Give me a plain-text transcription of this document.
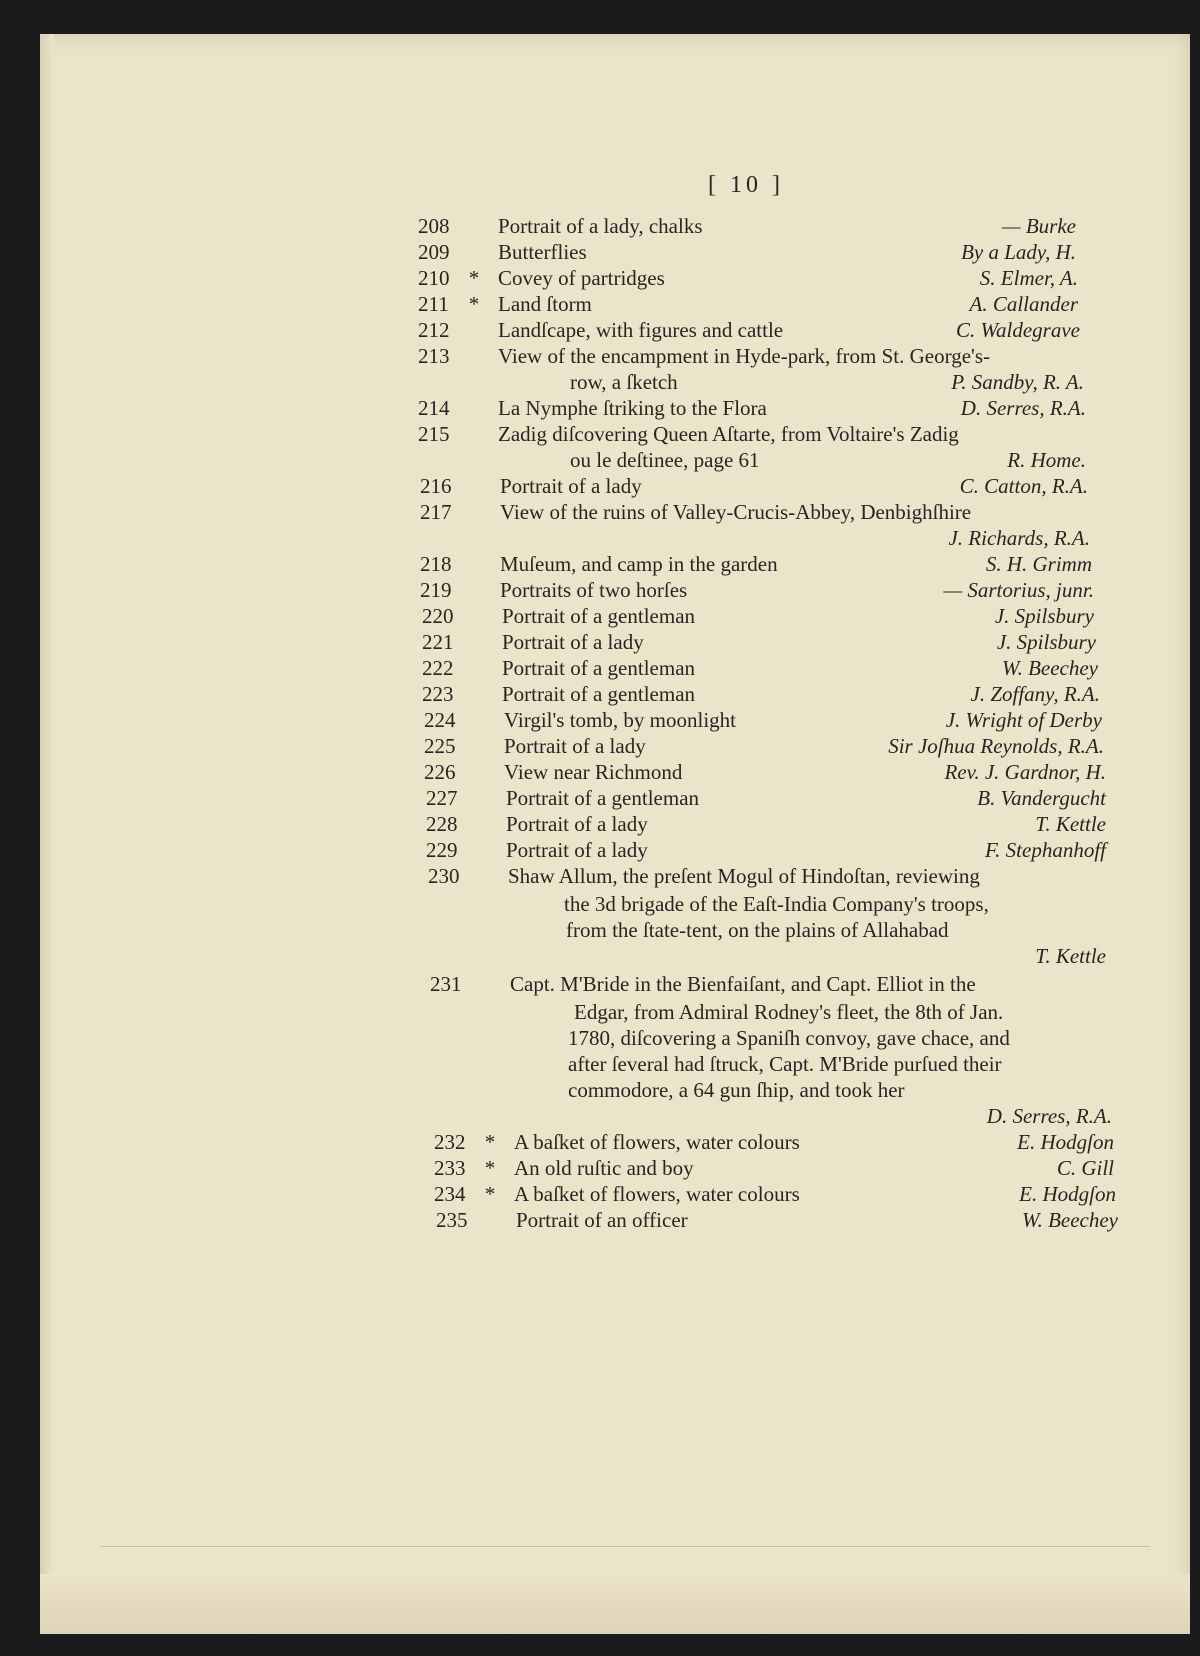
[ 10 ]
208	Portrait of a lady, chalks	— Burke
209	Butterflies	By a Lady, H.
210 * Covey of partridges	S. Elmer, A.
211 * Land ſtorm	A. Callander
212	Landſcape, with figures and cattle	C. Waldegrave
213	View of the encampment in Hyde-park, from St. George's-
row, a ſketch	P. Sandby, R. A.
214	La Nymphe ſtriking to the Flora	D. Serres, R.A.
215	Zadig diſcovering Queen Aſtarte, from Voltaire's Zadig
ou le deſtinee, page 61	R. Home.
216	Portrait of a lady	C. Catton, R.A.
217	View of the ruins of Valley-Crucis-Abbey, Denbighſhire
J. Richards, R.A.
218	Muſeum, and camp in the garden	S. H. Grimm
219	Portraits of two horſes	— Sartorius, junr.
220	Portrait of a gentleman	J. Spilsbury
221	Portrait of a lady	J. Spilsbury
222	Portrait of a gentleman	W. Beechey
223	Portrait of a gentleman	J. Zoffany, R.A.
224	Virgil's tomb, by moonlight	J. Wright of Derby
225	Portrait of a lady	Sir Joſhua Reynolds, R.A.
226	View near Richmond	Rev. J. Gardnor, H.
227	Portrait of a gentleman	B. Vandergucht
228	Portrait of a lady	T. Kettle
229	Portrait of a lady	F. Stephanhoff
230	Shaw Allum, the preſent Mogul of Hindoſtan, reviewing
the 3d brigade of the Eaſt-India Company's troops,
from the ſtate-tent, on the plains of Allahabad
T. Kettle
231	Capt. M'Bride in the Bienfaiſant, and Capt. Elliot in the
Edgar, from Admiral Rodney's fleet, the 8th of Jan.
1780, diſcovering a Spaniſh convoy, gave chace, and
after ſeveral had ſtruck, Capt. M'Bride purſued their
commodore, a 64 gun ſhip, and took her
D. Serres, R.A.
232 * A baſket of flowers, water colours	E. Hodgſon
233 * An old ruſtic and boy	C. Gill
234 * A baſket of flowers, water colours	E. Hodgſon
235	Portrait of an officer	W. Beechey
